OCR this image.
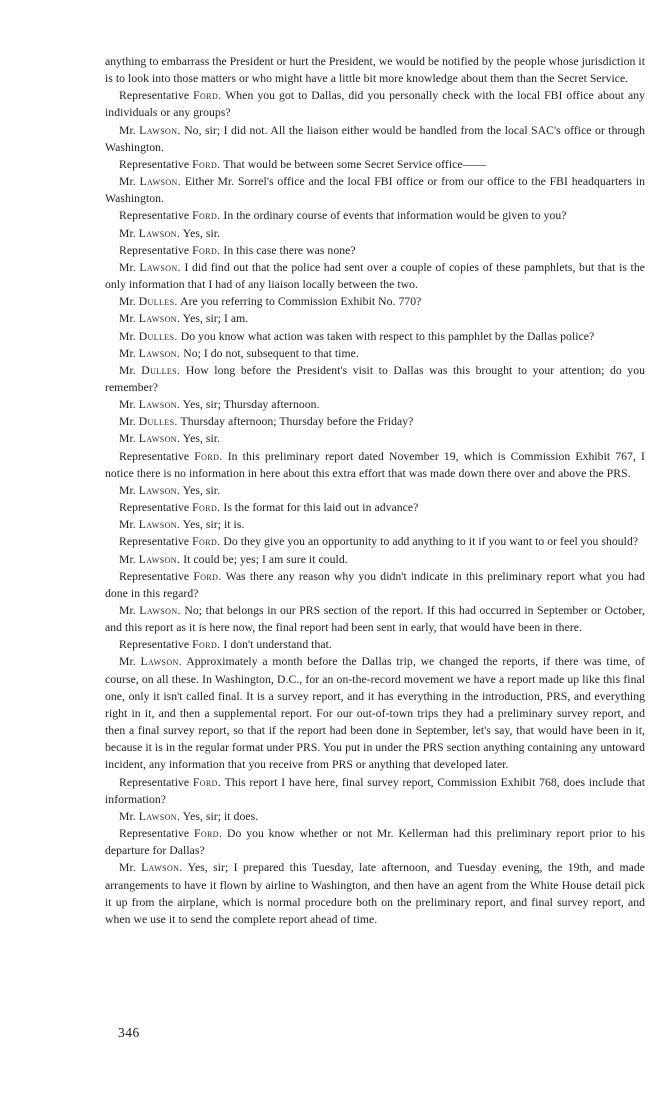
anything to embarrass the President or hurt the President, we would be notified by the people whose jurisdiction it is to look into those matters or who might have a little bit more knowledge about them than the Secret Service.

Representative Ford. When you got to Dallas, did you personally check with the local FBI office about any individuals or any groups?

Mr. Lawson. No, sir; I did not. All the liaison either would be handled from the local SAC's office or through Washington.

Representative Ford. That would be between some Secret Service office——

Mr. Lawson. Either Mr. Sorrel's office and the local FBI office or from our office to the FBI headquarters in Washington.

Representative Ford. In the ordinary course of events that information would be given to you?

Mr. Lawson. Yes, sir.

Representative Ford. In this case there was none?

Mr. Lawson. I did find out that the police had sent over a couple of copies of these pamphlets, but that is the only information that I had of any liaison locally between the two.

Mr. Dulles. Are you referring to Commission Exhibit No. 770?

Mr. Lawson. Yes, sir; I am.

Mr. Dulles. Do you know what action was taken with respect to this pamphlet by the Dallas police?

Mr. Lawson. No; I do not, subsequent to that time.

Mr. Dulles. How long before the President's visit to Dallas was this brought to your attention; do you remember?

Mr. Lawson. Yes, sir; Thursday afternoon.

Mr. Dulles. Thursday afternoon; Thursday before the Friday?

Mr. Lawson. Yes, sir.

Representative Ford. In this preliminary report dated November 19, which is Commission Exhibit 767, I notice there is no information in here about this extra effort that was made down there over and above the PRS.

Mr. Lawson. Yes, sir.

Representative Ford. Is the format for this laid out in advance?

Mr. Lawson. Yes, sir; it is.

Representative Ford. Do they give you an opportunity to add anything to it if you want to or feel you should?

Mr. Lawson. It could be; yes; I am sure it could.

Representative Ford. Was there any reason why you didn't indicate in this preliminary report what you had done in this regard?

Mr. Lawson. No; that belongs in our PRS section of the report. If this had occurred in September or October, and this report as it is here now, the final report had been sent in early, that would have been in there.

Representative Ford. I don't understand that.

Mr. Lawson. Approximately a month before the Dallas trip, we changed the reports, if there was time, of course, on all these. In Washington, D.C., for an on-the-record movement we have a report made up like this final one, only it isn't called final. It is a survey report, and it has everything in the introduction, PRS, and everything right in it, and then a supplemental report. For our out-of-town trips they had a preliminary survey report, and then a final survey report, so that if the report had been done in September, let's say, that would have been in it, because it is in the regular format under PRS. You put in under the PRS section anything containing any untoward incident, any information that you receive from PRS or anything that developed later.

Representative Ford. This report I have here, final survey report, Commission Exhibit 768, does include that information?

Mr. Lawson. Yes, sir; it does.

Representative Ford. Do you know whether or not Mr. Kellerman had this preliminary report prior to his departure for Dallas?

Mr. Lawson. Yes, sir; I prepared this Tuesday, late afternoon, and Tuesday evening, the 19th, and made arrangements to have it flown by airline to Washington, and then have an agent from the White House detail pick it up from the airplane, which is normal procedure both on the preliminary report, and final survey report, and when we use it to send the complete report ahead of time.

346
